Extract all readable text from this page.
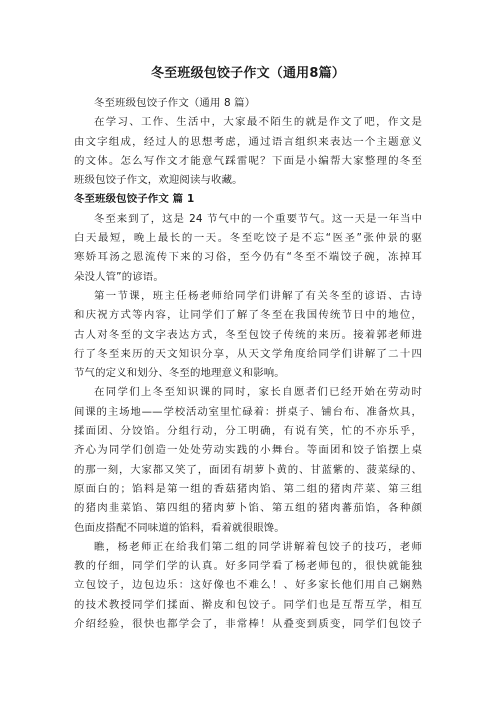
冬至班级包饺子作文（通用8篇）
冬至班级包饺子作文（通用 8 篇）
在学习、工作、生活中，大家最不陌生的就是作文了吧，作文是
由文字组成，经过人的思想考虑，通过语言组织来表达一个主题意义
的文体。怎么写作文才能意气踩雷呢？下面是小编帮大家整理的冬至
班级包饺子作文，欢迎阅读与收藏。
冬至班级包饺子作文 篇 1
冬至来到了，这是 24 节气中的一个重要节气。这一天是一年当中
白天最短，晚上最长的一天。冬至吃饺子是不忘“医圣”张仲景的驱
寒娇耳汤之恩流传下来的习俗，至今仍有“冬至不端饺子碗，冻掉耳
朵没人管”的谚语。
第一节课，班主任杨老师给同学们讲解了有关冬至的谚语、古诗
和庆祝方式等内容，让同学们了解了冬至在我国传统节日中的地位，
古人对冬至的文字表达方式，冬至包饺子传统的来历。接着郭老师进
行了冬至来历的天文知识分享，从天文学角度给同学们讲解了二十四
节气的定义和划分、冬至的地理意义和影响。
在同学们上冬至知识课的同时，家长自愿者们已经开始在劳动时
间课的主场地——学校活动室里忙碌着：拼桌子、铺台布、准备炊具，
揉面团、分饺馅。分组行动，分工明确，有说有笑，忙的不亦乐乎，
齐心为同学们创造一处处劳动实践的小舞台。等面团和饺子馅摆上桌
的那一刻，大家都又笑了，面团有胡萝卜黄的、甘蓝紫的、菠菜绿的、
原面白的；馅料是第一组的香菇猪肉馅、第二组的猪肉芹菜、第三组
的猪肉韭菜馅、第四组的猪肉萝卜馅、第五组的猪肉蕃茄馅，各种颜
色面皮搭配不同味道的馅料，看着就很眼馋。
瞧，杨老师正在给我们第二组的同学讲解着包饺子的技巧，老师
教的仔细，同学们学的认真。好多同学看了杨老师包的，很快就能独
立包饺子，边包边乐：这好像也不难么！、好多家长他们用自己娴熟
的技术教授同学们揉面、擀皮和包饺子。同学们也是互帮互学，相互
介绍经验，很快也都学会了，非常棒！从叠变到质变，同学们包饺子
